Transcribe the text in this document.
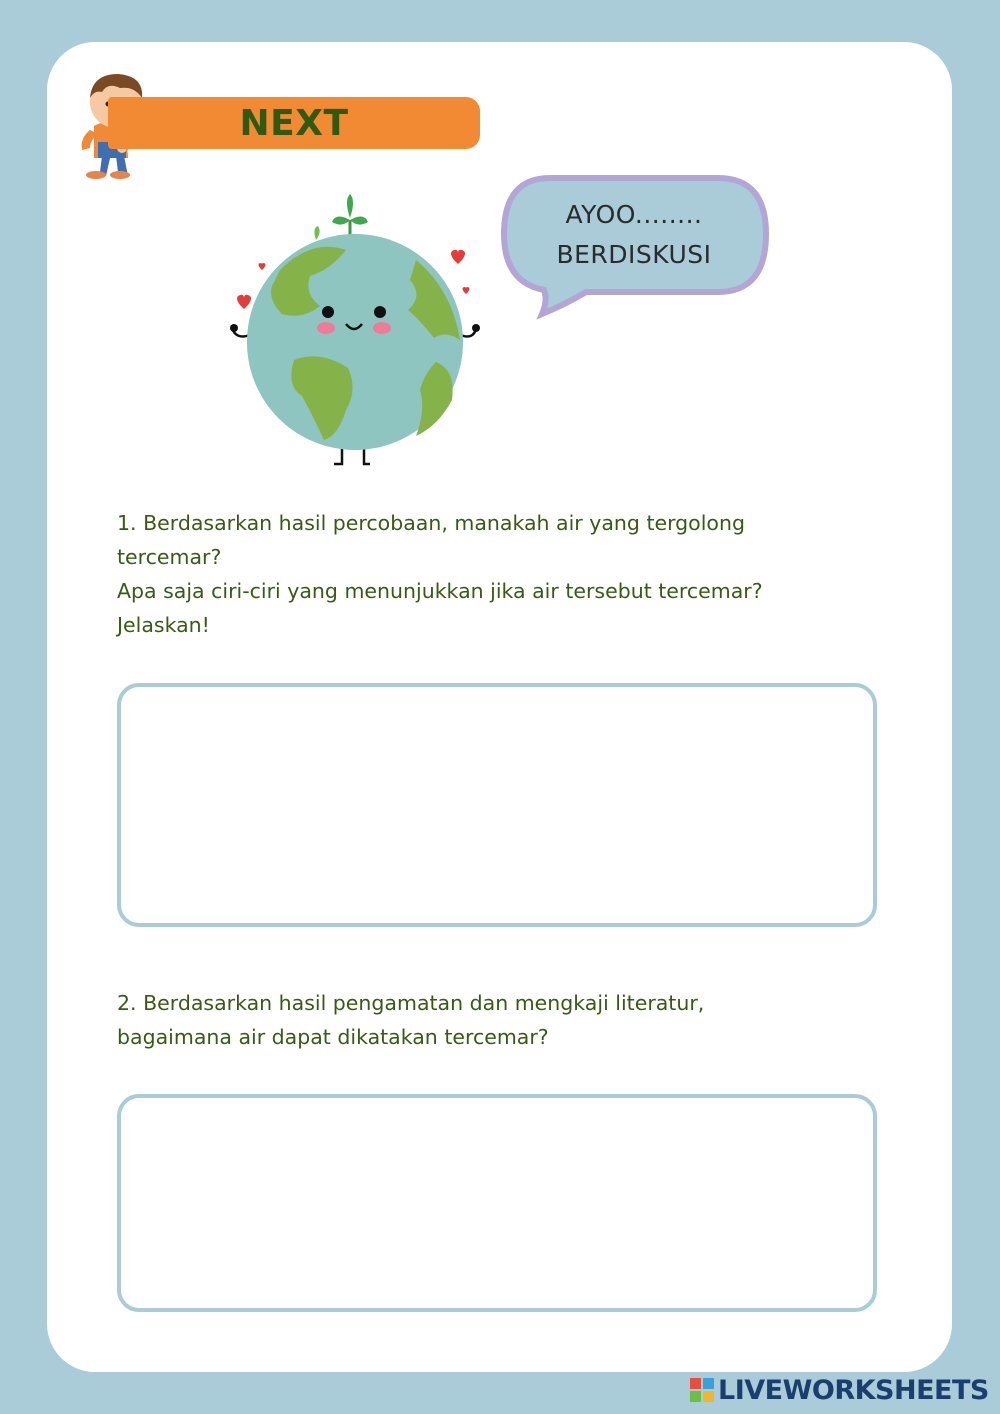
NEXT
AYOO........
BERDISKUSI
1. Berdasarkan hasil percobaan, manakah air yang tergolong
tercemar?
Apa saja ciri-ciri yang menunjukkan jika air tersebut tercemar?
Jelaskan!
2. Berdasarkan hasil pengamatan dan mengkaji literatur,
bagaimana air dapat dikatakan tercemar?
LIVEWORKSHEETS
